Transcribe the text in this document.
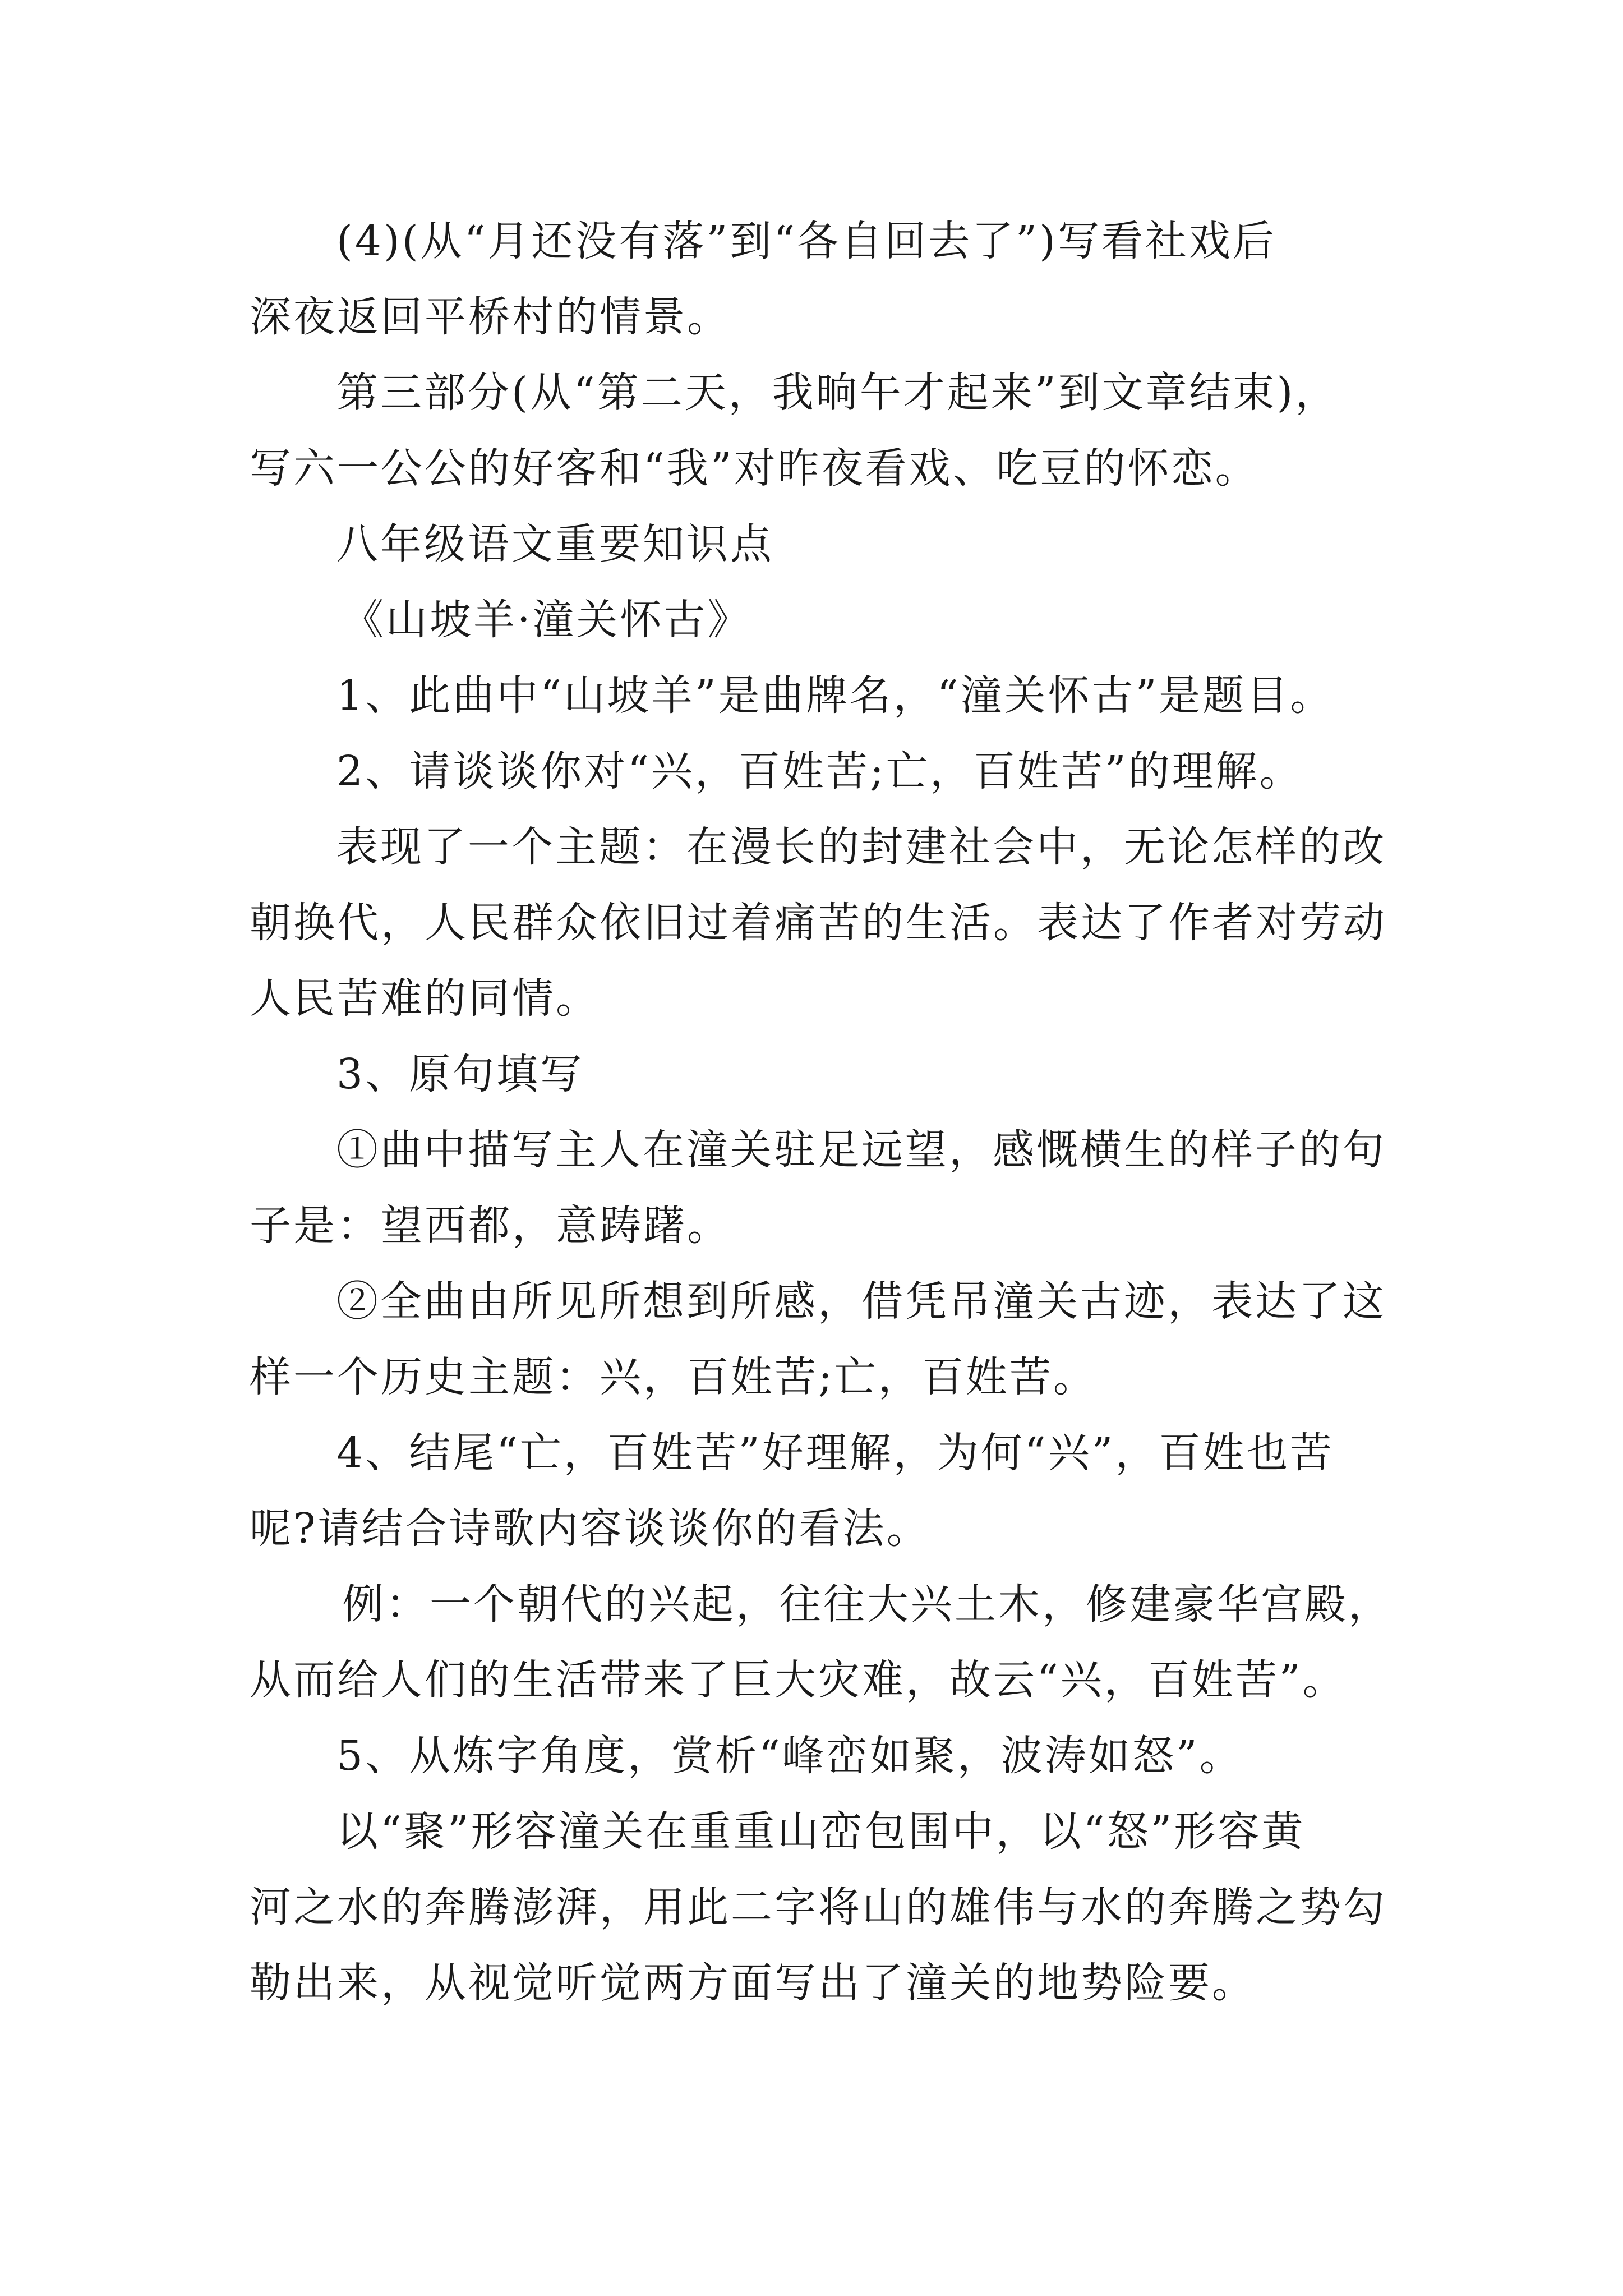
(4)(从“月还没有落”到“各自回去了”)写看社戏后
深夜返回平桥村的情景。
第三部分(从“第二天，我晌午才起来”到文章结束)，
写六一公公的好客和“我”对昨夜看戏、吃豆的怀恋。
八年级语文重要知识点
《山坡羊·潼关怀古》
1、此曲中“山坡羊”是曲牌名，“潼关怀古”是题目。
2、请谈谈你对“兴，百姓苦;亡，百姓苦”的理解。
表现了一个主题：在漫长的封建社会中，无论怎样的改
朝换代，人民群众依旧过着痛苦的生活。表达了作者对劳动
人民苦难的同情。
3、原句填写
①曲中描写主人在潼关驻足远望，感慨横生的样子的句
子是：望西都，意踌躇。
②全曲由所见所想到所感，借凭吊潼关古迹，表达了这
样一个历史主题：兴，百姓苦;亡，百姓苦。
4、结尾“亡，百姓苦”好理解，为何“兴”，百姓也苦
呢?请结合诗歌内容谈谈你的看法。
例：一个朝代的兴起，往往大兴土木，修建豪华宫殿，
从而给人们的生活带来了巨大灾难，故云“兴，百姓苦”。
5、从炼字角度，赏析“峰峦如聚，波涛如怒”。
以“聚”形容潼关在重重山峦包围中，以“怒”形容黄
河之水的奔腾澎湃，用此二字将山的雄伟与水的奔腾之势勾
勒出来，从视觉听觉两方面写出了潼关的地势险要。
